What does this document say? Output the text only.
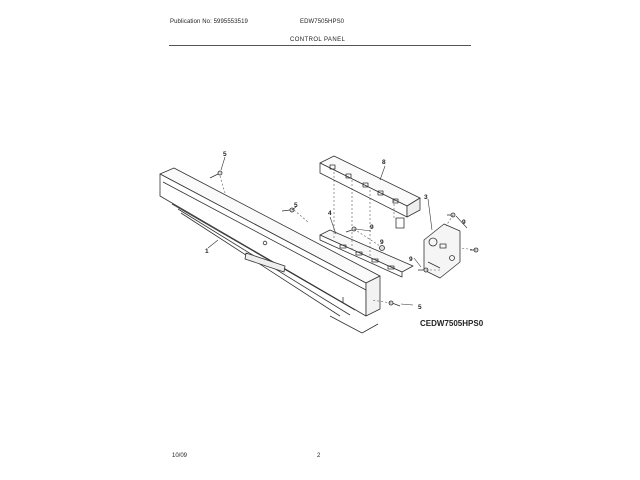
Publication No: 5995553519	EDW7505HPS0
CONTROL PANEL
1
5
5
5
8
3
4
9
9
9
9
CEDW7505HPS0
10/09	2
